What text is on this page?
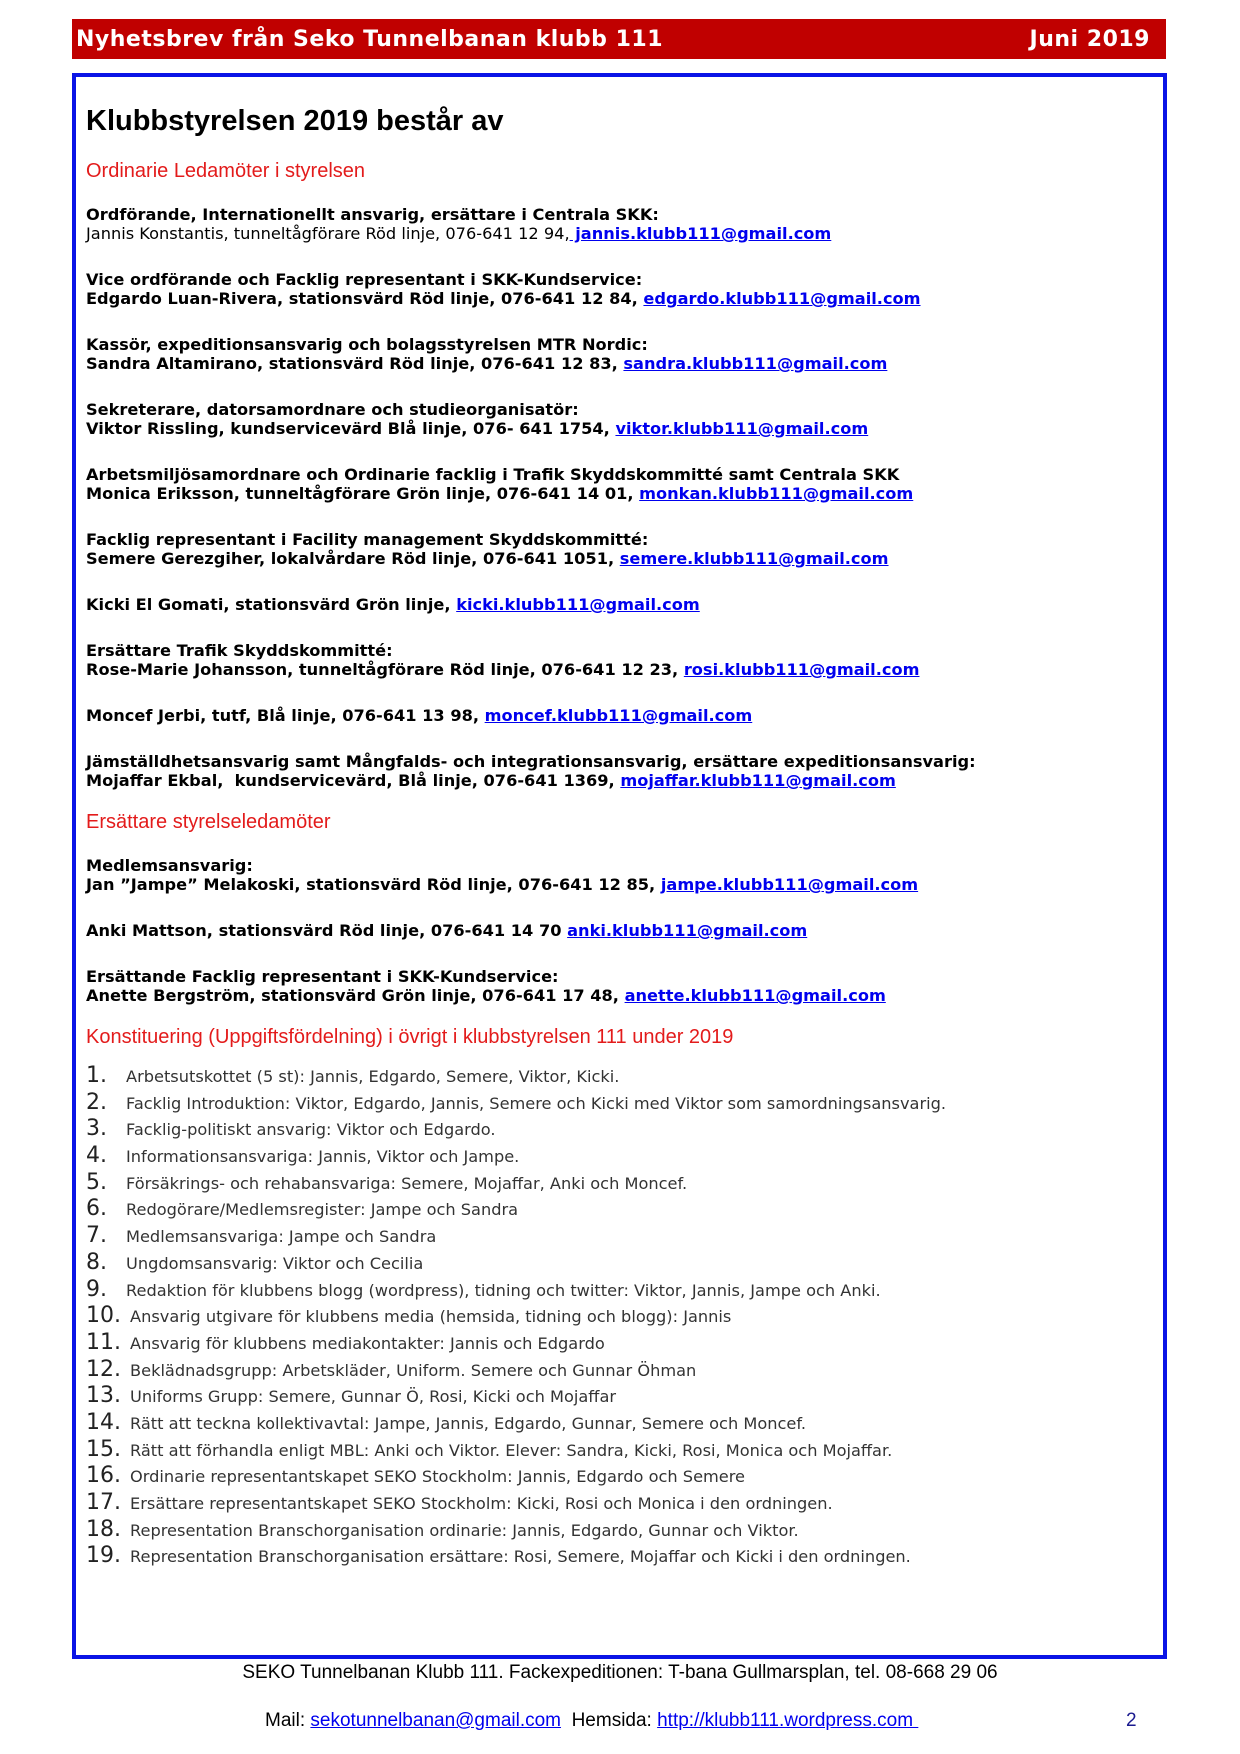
Nyhetsbrev från Seko Tunnelbanan klubb 111	Juni 2019
Klubbstyrelsen 2019 består av
Ordinarie Ledamöter i styrelsen
Ordförande, Internationellt ansvarig, ersättare i Centrala SKK:
Jannis Konstantis, tunneltågförare Röd linje, 076-641 12 94, jannis.klubb111@gmail.com
Vice ordförande och Facklig representant i SKK-Kundservice:
Edgardo Luan-Rivera, stationsvärd Röd linje, 076-641 12 84, edgardo.klubb111@gmail.com
Kassör, expeditionsansvarig och bolagsstyrelsen MTR Nordic:
Sandra Altamirano, stationsvärd Röd linje, 076-641 12 83, sandra.klubb111@gmail.com
Sekreterare, datorsamordnare och studieorganisatör:
Viktor Rissling, kundservicevärd Blå linje, 076- 641 1754, viktor.klubb111@gmail.com
Arbetsmiljösamordnare och Ordinarie facklig i Trafik Skyddskommitté samt Centrala SKK
Monica Eriksson, tunneltågförare Grön linje, 076-641 14 01, monkan.klubb111@gmail.com
Facklig representant i Facility management Skyddskommitté:
Semere Gerezgiher, lokalvårdare Röd linje, 076-641 1051, semere.klubb111@gmail.com
Kicki El Gomati, stationsvärd Grön linje, kicki.klubb111@gmail.com
Ersättare Trafik Skyddskommitté:
Rose-Marie Johansson, tunneltågförare Röd linje, 076-641 12 23, rosi.klubb111@gmail.com
Moncef Jerbi, tutf, Blå linje, 076-641 13 98, moncef.klubb111@gmail.com
Jämställdhetsansvarig samt Mångfalds- och integrationsansvarig, ersättare expeditionsansvarig:
Mojaffar Ekbal,  kundservicevärd, Blå linje, 076-641 1369, mojaffar.klubb111@gmail.com
Ersättare styrelseledamöter
Medlemsansvarig:
Jan ”Jampe” Melakoski, stationsvärd Röd linje, 076-641 12 85, jampe.klubb111@gmail.com
Anki Mattson, stationsvärd Röd linje, 076-641 14 70 anki.klubb111@gmail.com
Ersättande Facklig representant i SKK-Kundservice:
Anette Bergström, stationsvärd Grön linje, 076-641 17 48, anette.klubb111@gmail.com
Konstituering (Uppgiftsfördelning) i övrigt i klubbstyrelsen 111 under 2019
1.	Arbetsutskottet (5 st): Jannis, Edgardo, Semere, Viktor, Kicki.
2.	Facklig Introduktion: Viktor, Edgardo, Jannis, Semere och Kicki med Viktor som samordningsansvarig.
3.	Facklig-politiskt ansvarig: Viktor och Edgardo.
4.	Informationsansvariga: Jannis, Viktor och Jampe.
5.	Försäkrings- och rehabansvariga: Semere, Mojaffar, Anki och Moncef.
6.	Redogörare/Medlemsregister: Jampe och Sandra
7.	Medlemsansvariga: Jampe och Sandra
8.	Ungdomsansvarig: Viktor och Cecilia
9.	Redaktion för klubbens blogg (wordpress), tidning och twitter: Viktor, Jannis, Jampe och Anki.
10. Ansvarig utgivare för klubbens media (hemsida, tidning och blogg): Jannis
11. Ansvarig för klubbens mediakontakter: Jannis och Edgardo
12. Beklädnadsgrupp: Arbetskläder, Uniform. Semere och Gunnar Öhman
13. Uniforms Grupp: Semere, Gunnar Ö, Rosi, Kicki och Mojaffar
14. Rätt att teckna kollektivavtal: Jampe, Jannis, Edgardo, Gunnar, Semere och Moncef.
15. Rätt att förhandla enligt MBL: Anki och Viktor. Elever: Sandra, Kicki, Rosi, Monica och Mojaffar.
16. Ordinarie representantskapet SEKO Stockholm: Jannis, Edgardo och Semere
17. Ersättare representantskapet SEKO Stockholm: Kicki, Rosi och Monica i den ordningen.
18. Representation Branschorganisation ordinarie: Jannis, Edgardo, Gunnar och Viktor.
19. Representation Branschorganisation ersättare: Rosi, Semere, Mojaffar och Kicki i den ordningen.
SEKO Tunnelbanan Klubb 111. Fackexpeditionen: T-bana Gullmarsplan, tel. 08-668 29 06
Mail: sekotunnelbanan@gmail.com  Hemsida: http://klubb111.wordpress.com	2
